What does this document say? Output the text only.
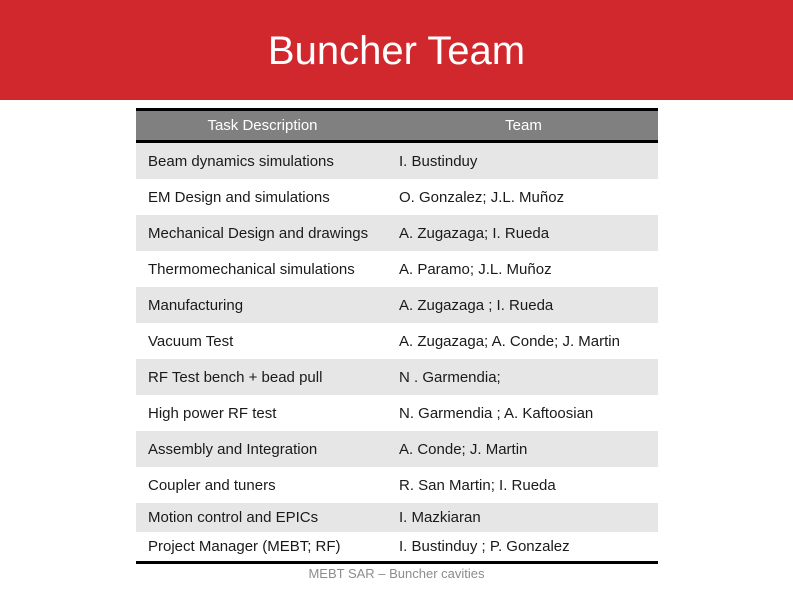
Buncher Team
Task Description	Team
Beam dynamics simulations	I. Bustinduy
EM Design and simulations	O. Gonzalez; J.L. Muñoz
Mechanical Design and drawings	A. Zugazaga; I. Rueda
Thermomechanical simulations	A. Paramo; J.L. Muñoz
Manufacturing	A. Zugazaga ; I. Rueda
Vacuum Test	A. Zugazaga; A. Conde; J. Martin
RF Test bench + bead pull	N . Garmendia;
High power RF test	N. Garmendia ; A. Kaftoosian
Assembly and Integration	A. Conde; J. Martin
Coupler and tuners	R. San Martin; I. Rueda
Motion control and EPICs	I. Mazkiaran
Project Manager (MEBT; RF)	I. Bustinduy ; P. Gonzalez
MEBT SAR – Buncher cavities
